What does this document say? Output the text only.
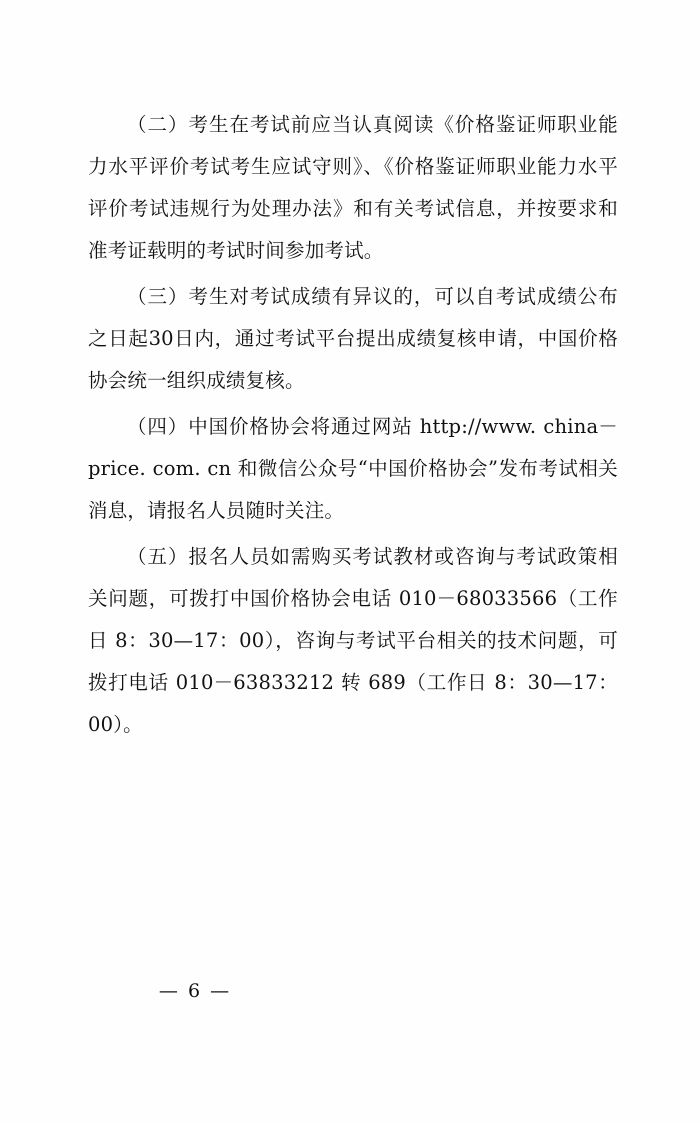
（二）考生在考试前应当认真阅读《价格鉴证师职业能力水平评价考试考生应试守则》、《价格鉴证师职业能力水平评价考试违规行为处理办法》和有关考试信息，并按要求和准考证载明的考试时间参加考试。

（三）考生对考试成绩有异议的，可以自考试成绩公布之日起30日内，通过考试平台提出成绩复核申请，中国价格协会统一组织成绩复核。

（四）中国价格协会将通过网站 http://www. china－price. com. cn 和微信公众号“中国价格协会”发布考试相关消息，请报名人员随时关注。

（五）报名人员如需购买考试教材或咨询与考试政策相关问题，可拨打中国价格协会电话 010－68033566（工作日 8：30—17：00），咨询与考试平台相关的技术问题，可拨打电话 010－63833212 转 689（工作日 8：30—17：00）。

— 6 —
